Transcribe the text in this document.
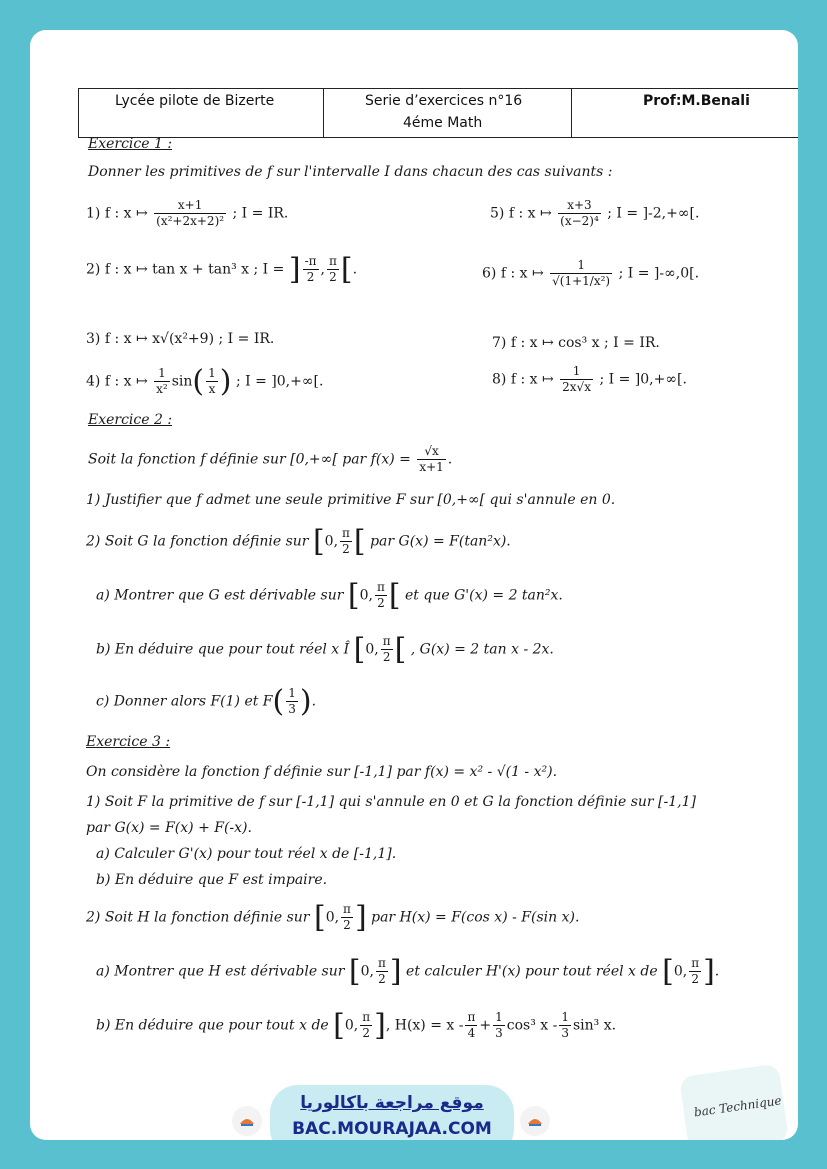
Lycée pilote de Bizerte	Serie d’exercices n°16
4éme Math
Prof:M.Benali
Exercice 1 :
Donner les primitives de f sur l'intervalle I dans chacun des cas suivants :
1) f : x ↦ $\frac{x+1}{\text{(x²+2x+2)²}}$ ; I = IR.
2) f : x ↦ tan x + tan³ x ; I = ] $\frac{-\pi}{2}$ , $\frac{\pi}{2}$ [.
3) f : x ↦ x√(x²+9) ; I = IR.
4) f : x ↦ $\frac{1}{\text{x²}} \sin( \frac{1}{x}$ ) ; I = ]0,+∞[.
5) f : x ↦ $\frac{x+3}{\text{(x−2)⁴}}$ ; I = ]-2,+∞[.
6) f : x ↦ $\frac{1}{\text{√(1+1/x²)}}$ ; I = ]-∞,0[.
7) f : x ↦ cos³ x ; I = IR.
8) f : x ↦ $\frac{1}{2x√x}$ ; I = ]0,+∞[.
Exercice 2 :
Soit la fonction f définie sur [0,+∞[ par $f(x) = \frac{√x}{x+1}$ .
1) Justifier que f admet une seule primitive F sur [0,+∞[ qui s'annule en 0.
2) Soit G la fonction définie sur [0, $\frac{\pi}{2}$ [ par G(x) = F(tan²x).
a) Montrer que G est dérivable sur [0, $\frac{\pi}{2}$ [ et que G'(x) = 2 tan²x.
b) En déduire que pour tout réel x Î [0, $\frac{\pi}{2}$ [ , G(x) = 2 tan x - 2x.
c) Donner alors F(1) et $F( \frac{1}{3}$ ).
Exercice 3 :
On considère la fonction f définie sur [-1,1] par f(x) = x² - √(1 - x²).
1) Soit F la primitive de f sur [-1,1] qui s'annule en 0 et G la fonction définie sur [-1,1]
par G(x) = F(x) + F(-x).
a) Calculer G'(x) pour tout réel x de [-1,1].
b) En déduire que F est impaire.
2) Soit H la fonction définie sur [0, $\frac{\pi}{2}$ ] par H(x) = F(cos x) - F(sin x).
a) Montrer que H est dérivable sur [0, $\frac{\pi}{2}$ ] et calculer H'(x) pour tout réel x de [0, $\frac{\pi}{2}$ ].
b) En déduire que pour tout x de [0, $\frac{\pi}{2}$ ], $H(x) = x - \frac{\pi}{4} + \frac{1}{3} \cos^3$ x - $\frac{1}{3} \sin^3$ x.
موقع مراجعة باكالوريا
BAC.MOURAJAA.COM
bac Technique
